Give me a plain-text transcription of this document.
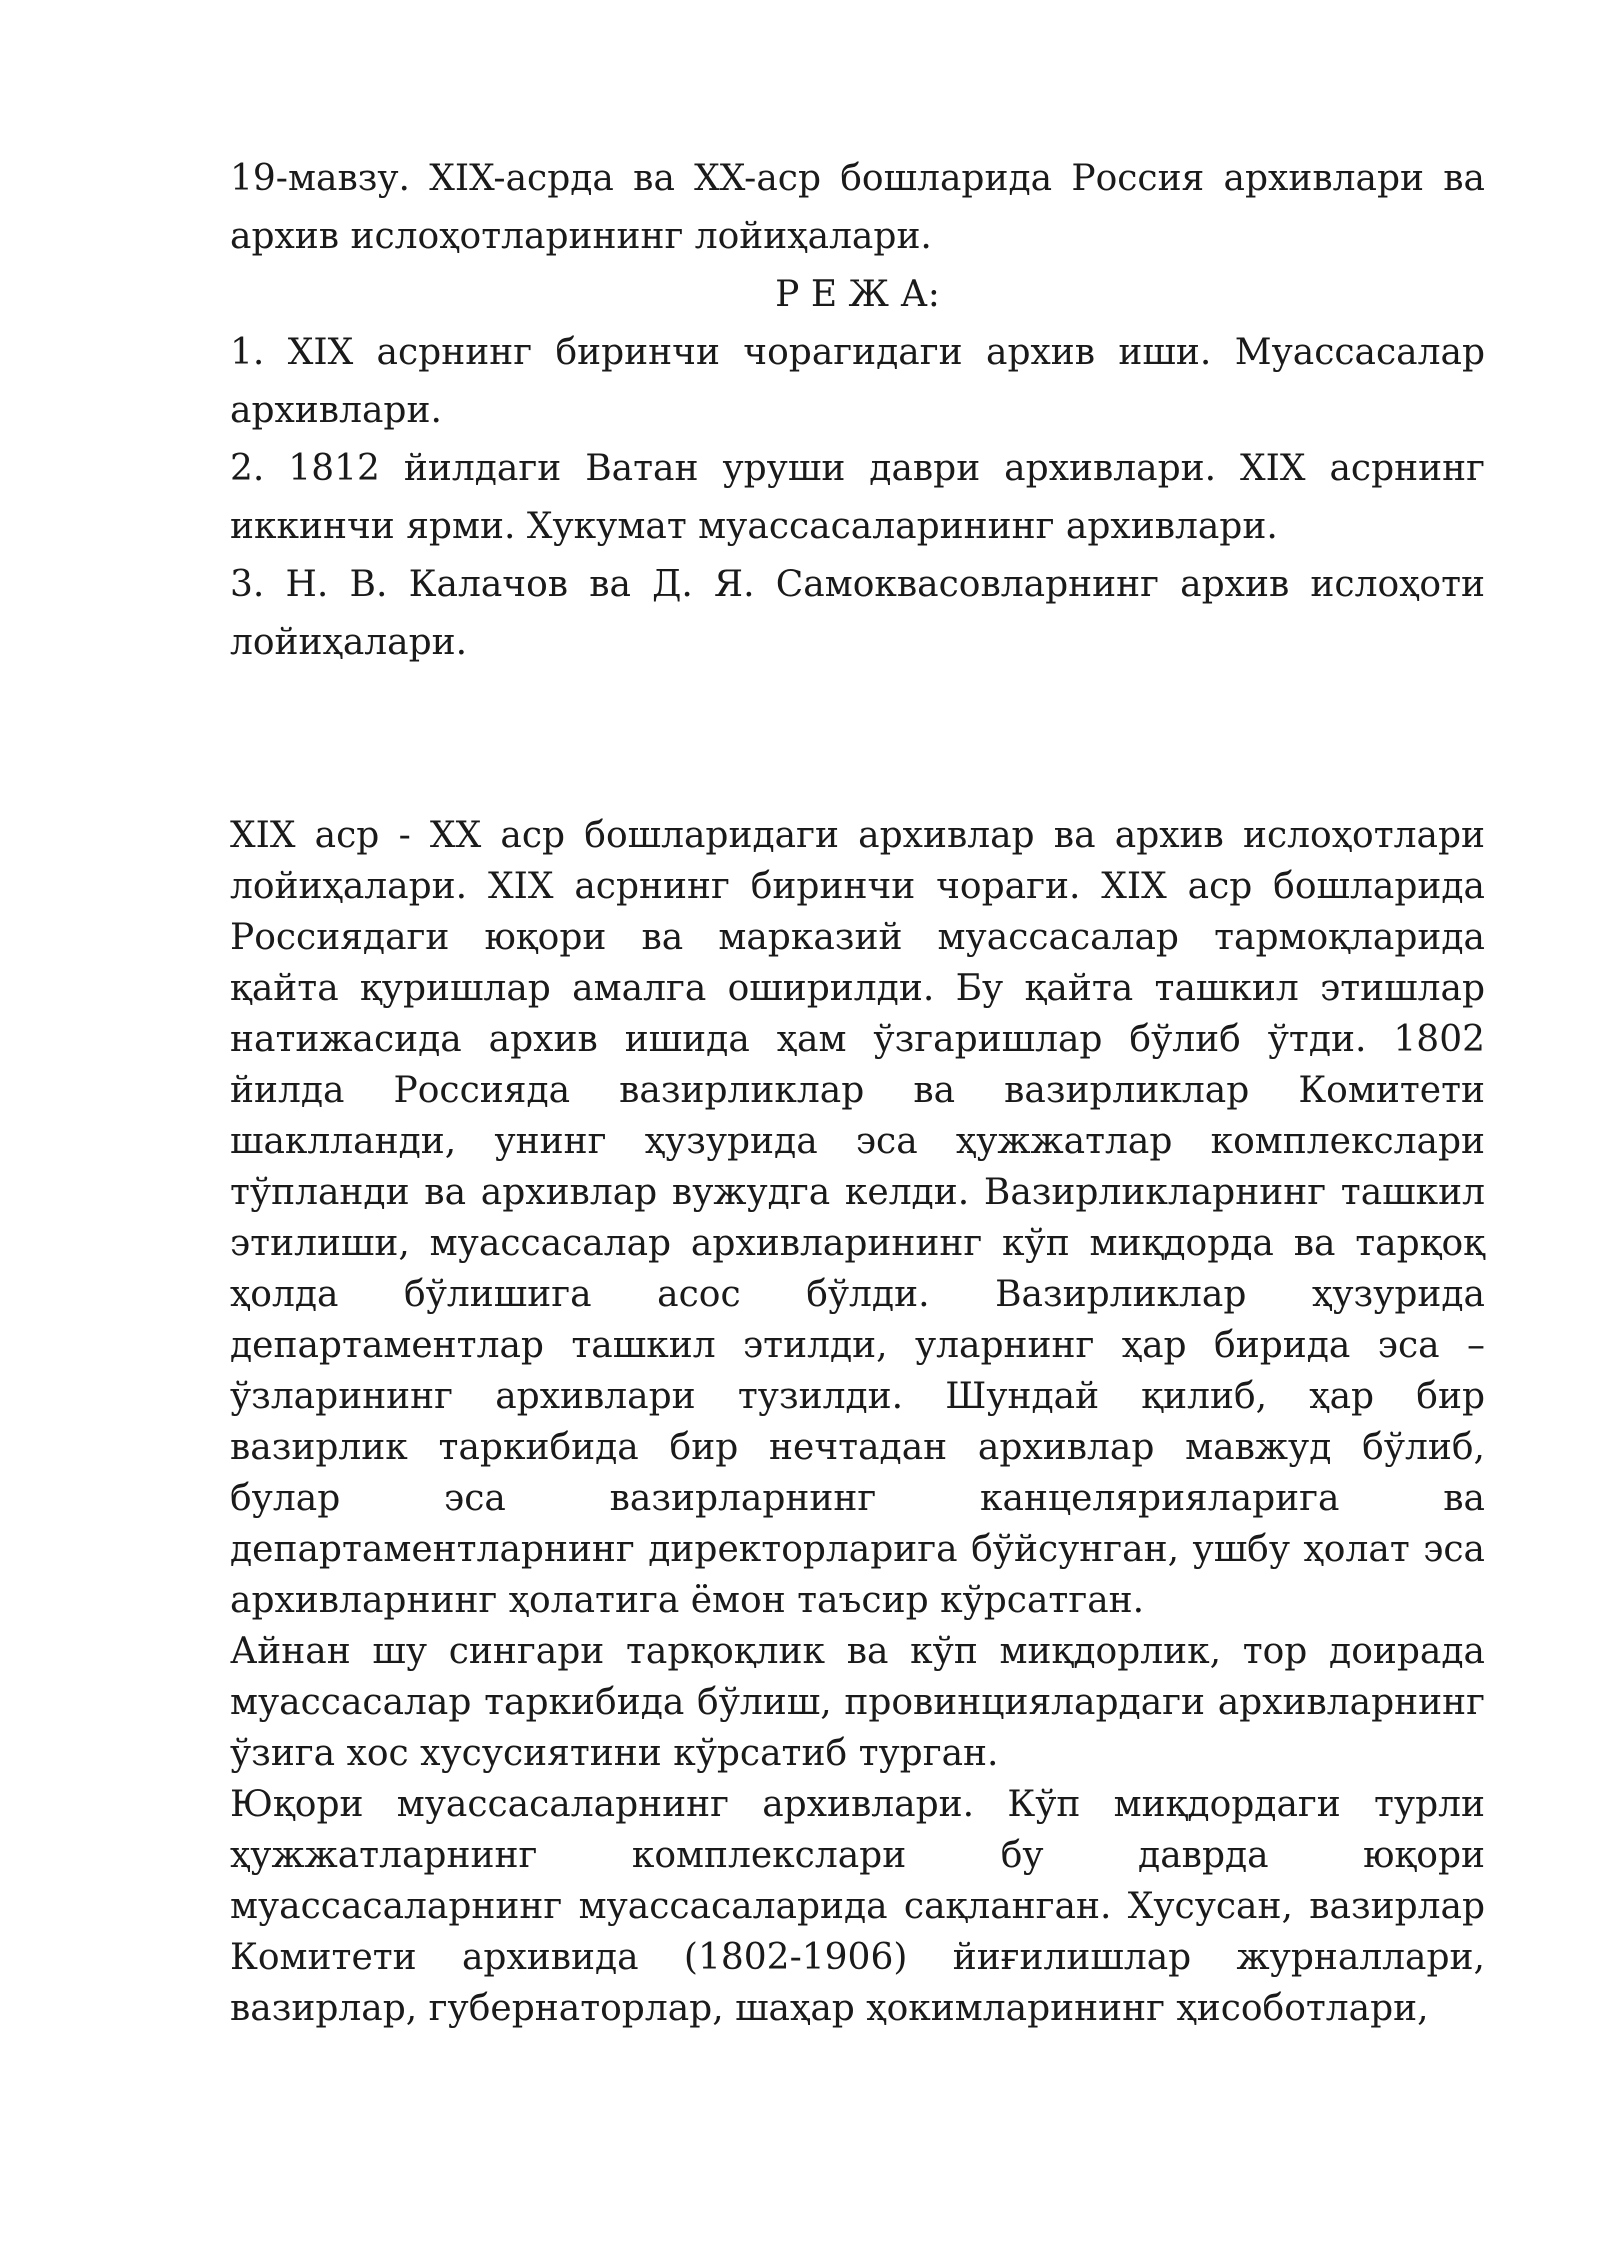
19-мавзу. XIX-асрда ва XX-аср бошларида Россия архивлари ва архив ислоҳотларининг лойиҳалари.

Р Е Ж А:

1. XIX асрнинг биринчи чорагидаги архив иши. Муассасалар архивлари.

2. 1812 йилдаги Ватан уруши даври архивлари. XIX асрнинг иккинчи ярми. Хукумат муассасаларининг архивлари.

3. Н. В. Калачов ва Д. Я. Самоквасовларнинг архив ислоҳоти лойиҳалари.

XIX аср - XX аср бошларидаги архивлар ва архив ислоҳотлари лойиҳалари. XIX асрнинг биринчи чораги. XIX аср бошларида Россиядаги юқори ва марказий муассасалар тармоқларида қайта қуришлар амалга оширилди. Бу қайта ташкил этишлар натижасида архив ишида ҳам ўзгаришлар бўлиб ўтди. 1802 йилда Россияда вазирликлар ва вазирликлар Комитети шаклланди, унинг ҳузурида эса ҳужжатлар комплекслари тўпланди ва архивлар вужудга келди. Вазирликларнинг ташкил этилиши, муассасалар архивларининг кўп миқдорда ва тарқоқ ҳолда бўлишига асос бўлди. Вазирликлар ҳузурида департаментлар ташкил этилди, уларнинг ҳар бирида эса – ўзларининг архивлари тузилди. Шундай қилиб, ҳар бир вазирлик таркибида бир нечтадан архивлар мавжуд бўлиб, булар эса вазирларнинг канцелярияларига ва департаментларнинг директорларига бўйсунган, ушбу ҳолат эса архивларнинг ҳолатига ёмон таъсир кўрсатган.

Айнан шу сингари тарқоқлик ва кўп миқдорлик, тор доирада муассасалар таркибида бўлиш, провинциялардаги архивларнинг ўзига хос хусусиятини кўрсатиб турган.

Юқори муассасаларнинг архивлари. Кўп миқдордаги турли ҳужжатларнинг комплекслари бу даврда юқори муассасаларнинг муассасаларида сақланган. Хусусан, вазирлар Комитети архивида (1802-1906) йиғилишлар журналлари, вазирлар, губернаторлар, шаҳар ҳокимларининг ҳисоботлари,
